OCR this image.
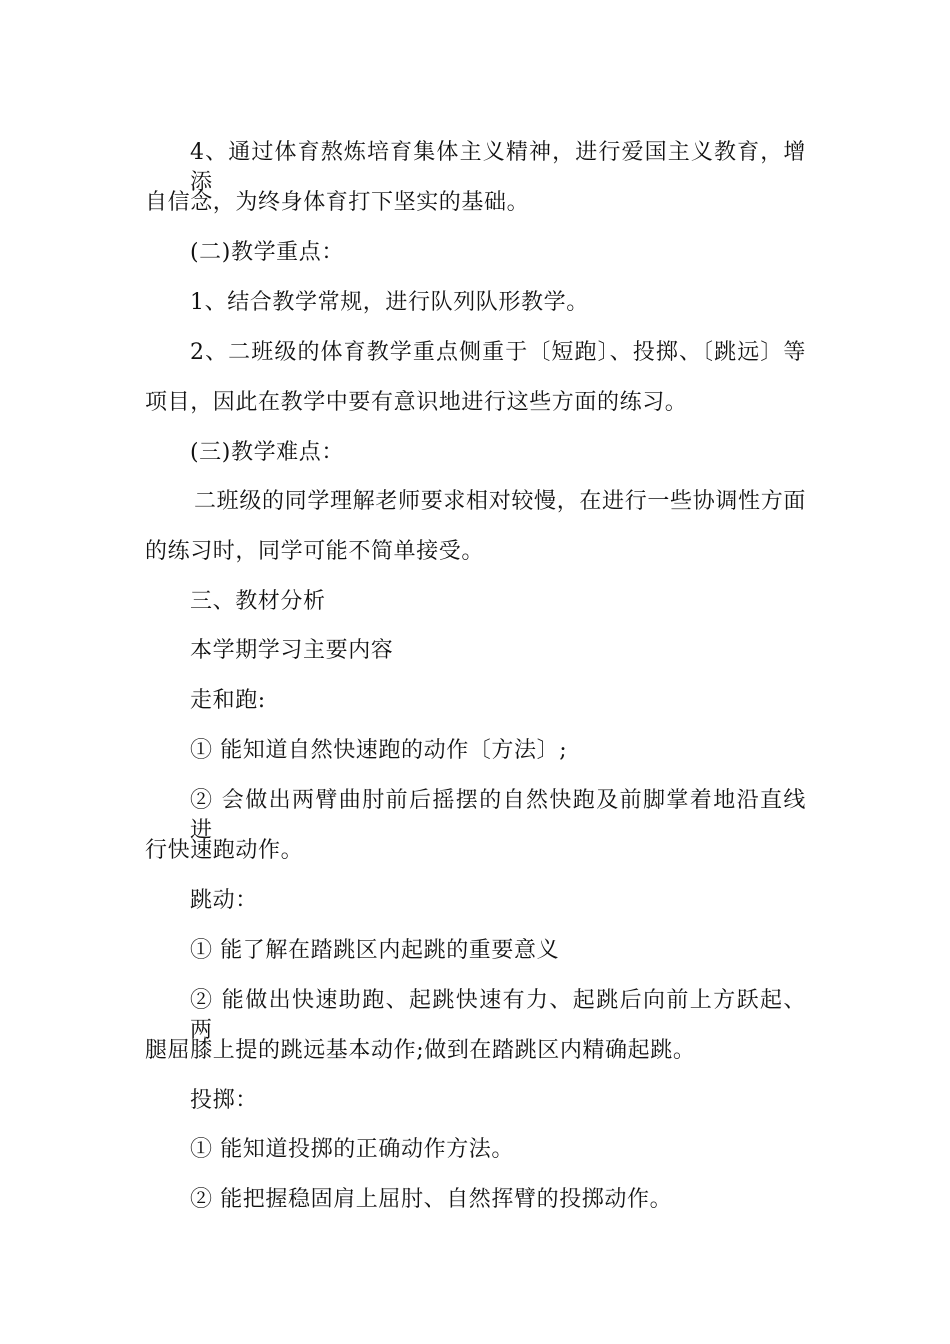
4、通过体育熬炼培育集体主义精神，进行爱国主义教育，增添
自信念，为终身体育打下坚实的基础。
(二)教学重点：
1、结合教学常规，进行队列队形教学。
2、二班级的体育教学重点侧重于〔短跑〕、投掷、〔跳远〕等
项目，因此在教学中要有意识地进行这些方面的练习。
(三)教学难点：
二班级的同学理解老师要求相对较慢，在进行一些协调性方面
的练习时，同学可能不简单接受。
三、教材分析
本学期学习主要内容
走和跑:
① 能知道自然快速跑的动作〔方法〕;
② 会做出两臂曲肘前后摇摆的自然快跑及前脚掌着地沿直线进
行快速跑动作。
跳动：
① 能了解在踏跳区内起跳的重要意义
② 能做出快速助跑、起跳快速有力、起跳后向前上方跃起、两
腿屈膝上提的跳远基本动作;做到在踏跳区内精确起跳。
投掷：
① 能知道投掷的正确动作方法。
② 能把握稳固肩上屈肘、自然挥臂的投掷动作。
